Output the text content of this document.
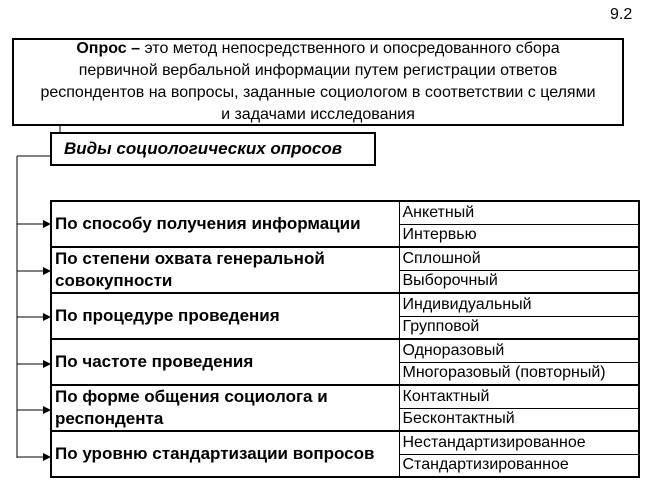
9.2
Опрос – это метод непосредственного и опосредованного сбора первичной вербальной информации путем регистрации ответов респондентов на вопросы, заданные социологом в соответствии с целями и задачами исследования
Виды социологических опросов
По способу получения информации	Анкетный
	Интервью
По степени охвата генеральной совокупности	Сплошной
	Выборочный
По процедуре проведения	Индивидуальный
	Групповой
По частоте проведения	Одноразовый
	Многоразовый (повторный)
По форме общения социолога и респондента	Контактный
	Бесконтактный
По уровню стандартизации вопросов	Нестандартизированное
	Стандартизированное
